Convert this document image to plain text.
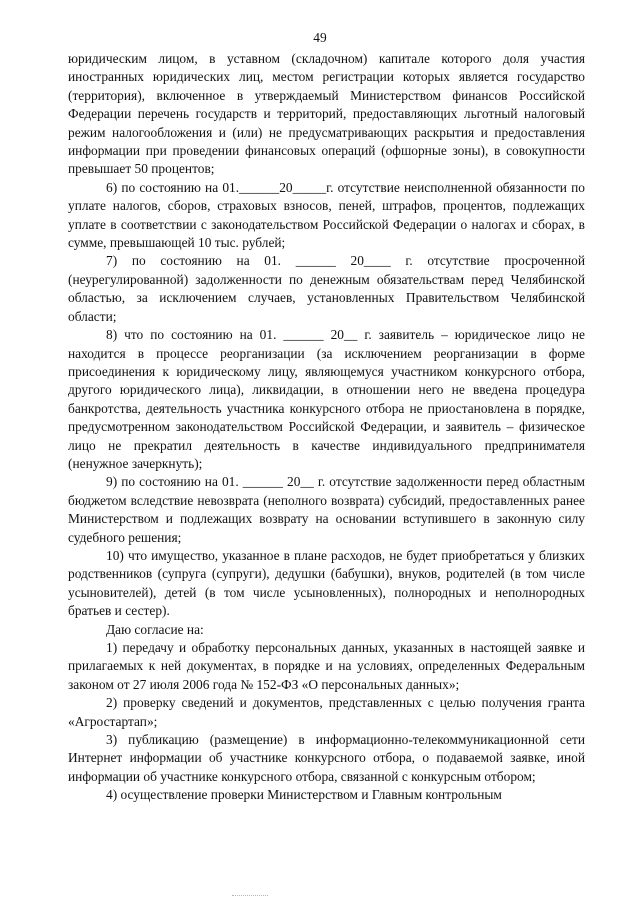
49

юридическим лицом, в уставном (складочном) капитале которого доля участия иностранных юридических лиц, местом регистрации которых является государство (территория), включенное в утверждаемый Министерством финансов Российской Федерации перечень государств и территорий, предоставляющих льготный налоговый режим налогообложения и (или) не предусматривающих раскрытия и предоставления информации при проведении финансовых операций (офшорные зоны), в совокупности превышает 50 процентов;

6) по состоянию на 01.______20_____г. отсутствие неисполненной обязанности по уплате налогов, сборов, страховых взносов, пеней, штрафов, процентов, подлежащих уплате в соответствии с законодательством Российской Федерации о налогах и сборах, в сумме, превышающей 10 тыс. рублей;

7) по состоянию на 01. ______ 20____ г. отсутствие просроченной (неурегулированной) задолженности по денежным обязательствам перед Челябинской областью, за исключением случаев, установленных Правительством Челябинской области;

8) что по состоянию на 01. ______ 20__ г. заявитель – юридическое лицо не находится в процессе реорганизации (за исключением реорганизации в форме присоединения к юридическому лицу, являющемуся участником конкурсного отбора, другого юридического лица), ликвидации, в отношении него не введена процедура банкротства, деятельность участника конкурсного отбора не приостановлена в порядке, предусмотренном законодательством Российской Федерации, и заявитель – физическое лицо не прекратил деятельность в качестве индивидуального предпринимателя (ненужное зачеркнуть);

9) по состоянию на 01. ______ 20__ г. отсутствие задолженности перед областным бюджетом вследствие невозврата (неполного возврата) субсидий, предоставленных ранее Министерством и подлежащих возврату на основании вступившего в законную силу судебного решения;

10) что имущество, указанное в плане расходов, не будет приобретаться у близких родственников (супруга (супруги), дедушки (бабушки), внуков, родителей (в том числе усыновителей), детей (в том числе усыновленных), полнородных и неполнородных братьев и сестер).

Даю согласие на:

1) передачу и обработку персональных данных, указанных в настоящей заявке и прилагаемых к ней документах, в порядке и на условиях, определенных Федеральным законом от 27 июля 2006 года № 152-ФЗ «О персональных данных»;

2) проверку сведений и документов, представленных с целью получения гранта «Агростартап»;

3) публикацию (размещение) в информационно-телекоммуникационной сети Интернет информации об участнике конкурсного отбора, о подаваемой заявке, иной информации об участнике конкурсного отбора, связанной с конкурсным отбором;

4) осуществление проверки Министерством и Главным контрольным
